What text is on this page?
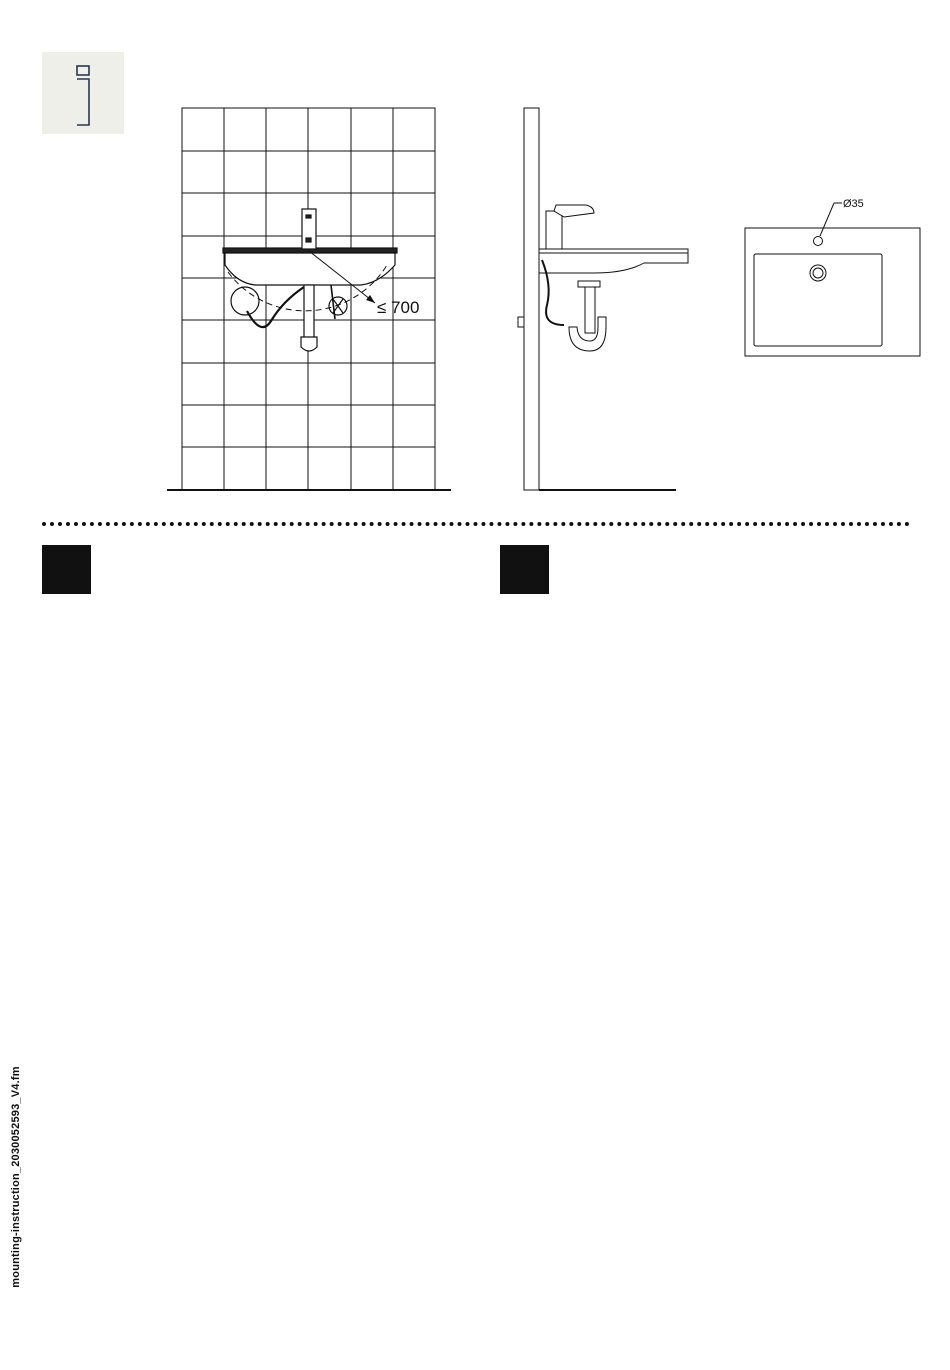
≤ 700
Ø35
mounting-instruction_2030052593_V4.fm
